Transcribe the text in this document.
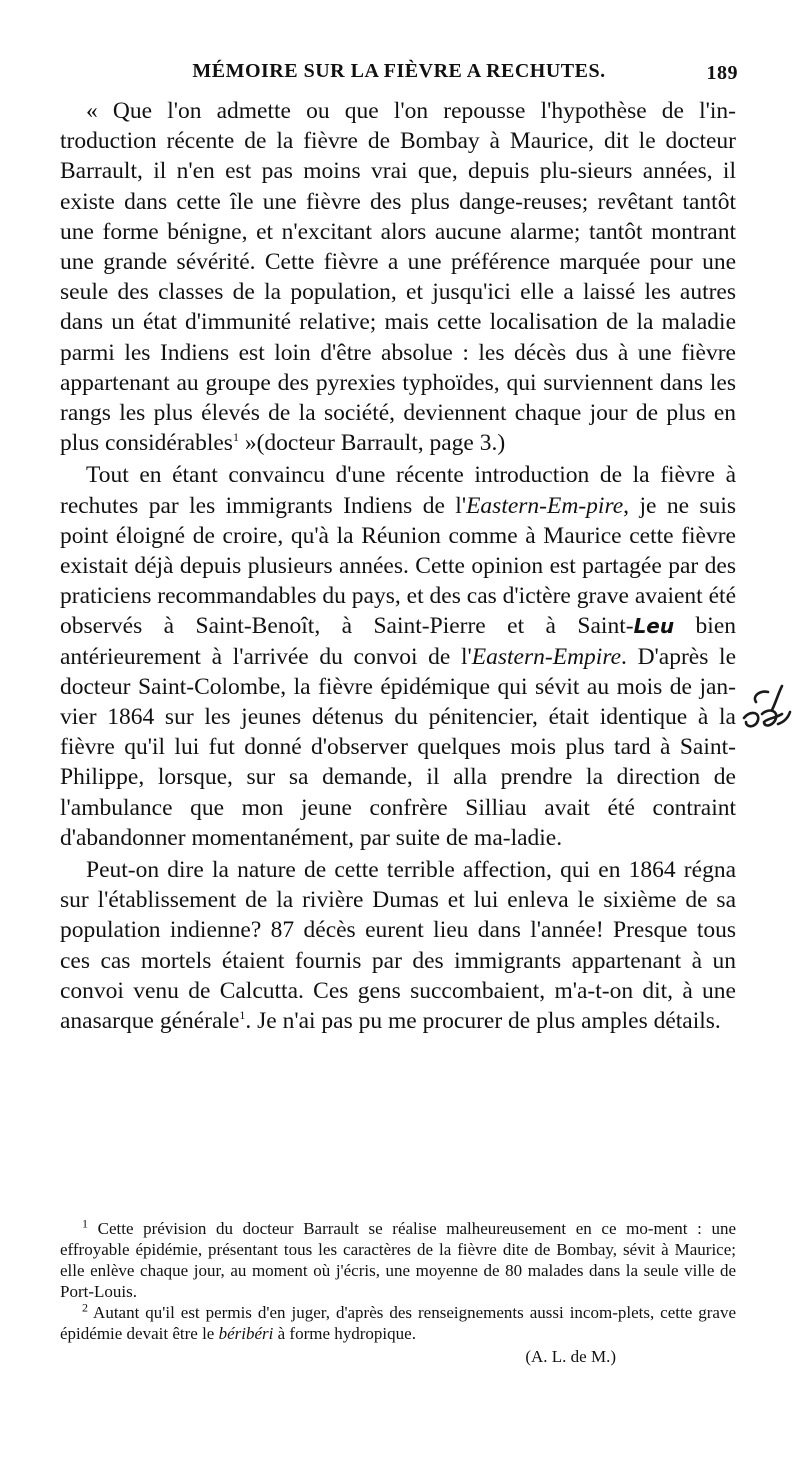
MÉMOIRE SUR LA FIÈVRE A RECHUTES.	189

« Que l'on admette ou que l'on repousse l'hypothèse de l'in-troduction récente de la fièvre de Bombay à Maurice, dit le docteur Barrault, il n'en est pas moins vrai que, depuis plu-sieurs années, il existe dans cette île une fièvre des plus dange-reuses; revêtant tantôt une forme bénigne, et n'excitant alors aucune alarme; tantôt montrant une grande sévérité. Cette fièvre a une préférence marquée pour une seule des classes de la population, et jusqu'ici elle a laissé les autres dans un état d'immunité relative; mais cette localisation de la maladie parmi les Indiens est loin d'être absolue : les décès dus à une fièvre appartenant au groupe des pyrexies typhoïdes, qui surviennent dans les rangs les plus élevés de la société, deviennent chaque jour de plus en plus considérables$^1$ »(docteur Barrault, page 3.)

Tout en étant convaincu d'une récente introduction de la fièvre à rechutes par les immigrants Indiens de l'Eastern-Em-pire, je ne suis point éloigné de croire, qu'à la Réunion comme à Maurice cette fièvre existait déjà depuis plusieurs années. Cette opinion est partagée par des praticiens recommandables du pays, et des cas d'ictère grave avaient été observés à Saint-Benoît, à Saint-Pierre et à Saint-Leu bien antérieurement à l'arrivée du convoi de l'Eastern-Empire. D'après le docteur Saint-Colombe, la fièvre épidémique qui sévit au mois de jan-vier 1864 sur les jeunes détenus du pénitencier, était identique à la fièvre qu'il lui fut donné d'observer quelques mois plus tard à Saint-Philippe, lorsque, sur sa demande, il alla prendre la direction de l'ambulance que mon jeune confrère Silliau avait été contraint d'abandonner momentanément, par suite de ma-ladie.

Peut-on dire la nature de cette terrible affection, qui en 1864 régna sur l'établissement de la rivière Dumas et lui enleva le sixième de sa population indienne? 87 décès eurent lieu dans l'année! Presque tous ces cas mortels étaient fournis par des immigrants appartenant à un convoi venu de Calcutta. Ces gens succombaient, m'a-t-on dit, à une anasarque générale$^1$. Je n'ai pas pu me procurer de plus amples détails.

$^1$ Cette prévision du docteur Barrault se réalise malheureusement en ce mo-ment : une effroyable épidémie, présentant tous les caractères de la fièvre dite de Bombay, sévit à Maurice; elle enlève chaque jour, au moment où j'écris, une moyenne de 80 malades dans la seule ville de Port-Louis.

$^2$ Autant qu'il est permis d'en juger, d'après des renseignements aussi incom-plets, cette grave épidémie devait être le béribéri à forme hydropique.

(A. L. de M.)
